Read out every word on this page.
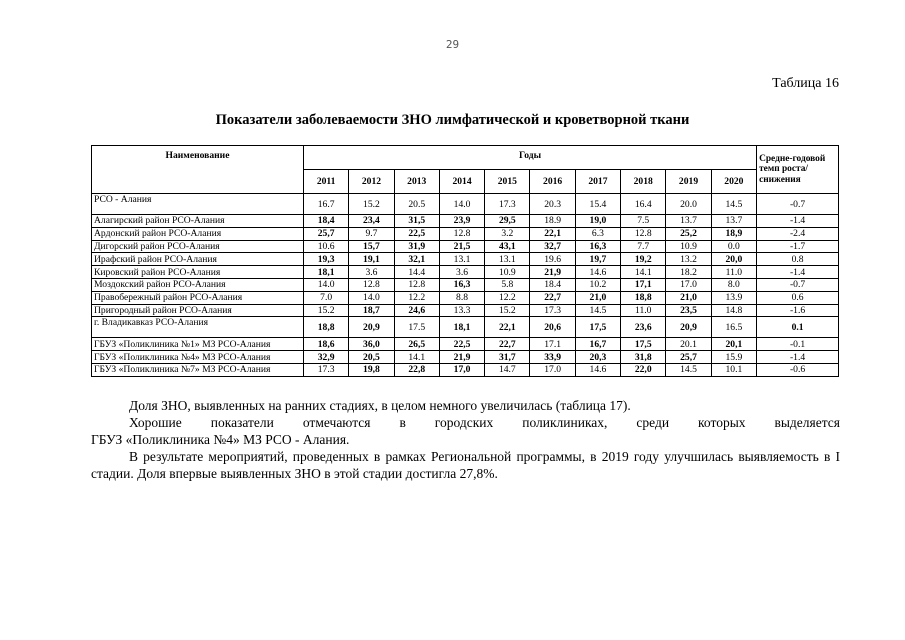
29
Таблица 16
Показатели заболеваемости ЗНО лимфатической и кроветворной ткани
Наименование	Годы										Средне-годовой темп роста/ снижения
	2011	2012	2013	2014	2015	2016	2017	2018	2019	2020	
РСО - Алания	16.7	15.2	20.5	14.0	17.3	20.3	15.4	16.4	20.0	14.5	-0.7
Алагирский район РСО-Алания	18,4	23,4	31,5	23,9	29,5	18.9	19,0	7.5	13.7	13.7	-1.4
Ардонский район РСО-Алания	25,7	9.7	22,5	12.8	3.2	22,1	6.3	12.8	25,2	18,9	-2.4
Дигорский район РСО-Алания	10.6	15,7	31,9	21,5	43,1	32,7	16,3	7.7	10.9	0.0	-1.7
Ирафский район РСО-Алания	19,3	19,1	32,1	13.1	13.1	19.6	19,7	19,2	13.2	20,0	0.8
Кировский район РСО-Алания	18,1	3.6	14.4	3.6	10.9	21,9	14.6	14.1	18.2	11.0	-1.4
Моздокский район РСО-Алания	14.0	12.8	12.8	16,3	5.8	18.4	10.2	17,1	17.0	8.0	-0.7
Правобережный район РСО-Алания	7.0	14.0	12.2	8.8	12.2	22,7	21,0	18,8	21,0	13.9	0.6
Пригородный район РСО-Алания	15.2	18,7	24,6	13.3	15.2	17.3	14.5	11.0	23,5	14.8	-1.6
г. Владикавказ РСО-Алания	18,8	20,9	17.5	18,1	22,1	20,6	17,5	23,6	20,9	16.5	0.1
ГБУЗ «Поликлиника №1» МЗ РСО-Алания	18,6	36,0	26,5	22,5	22,7	17.1	16,7	17,5	20.1	20,1	-0.1
ГБУЗ «Поликлиника №4» МЗ РСО-Алания	32,9	20,5	14.1	21,9	31,7	33,9	20,3	31,8	25,7	15.9	-1.4
ГБУЗ «Поликлиника №7» МЗ РСО-Алания	17.3	19,8	22,8	17,0	14.7	17.0	14.6	22,0	14.5	10.1	-0.6
Доля ЗНО, выявленных на ранних стадиях, в целом немного увеличилась (таблица 17).
Хорошие показатели отмечаются в городских поликлиниках, среди которых выделяется
ГБУЗ «Поликлиника №4» МЗ РСО - Алания.
В результате мероприятий, проведенных в рамках Региональной программы, в 2019 году улучшилась выявляемость в I стадии. Доля впервые выявленных ЗНО в этой стадии достигла 27,8%.
